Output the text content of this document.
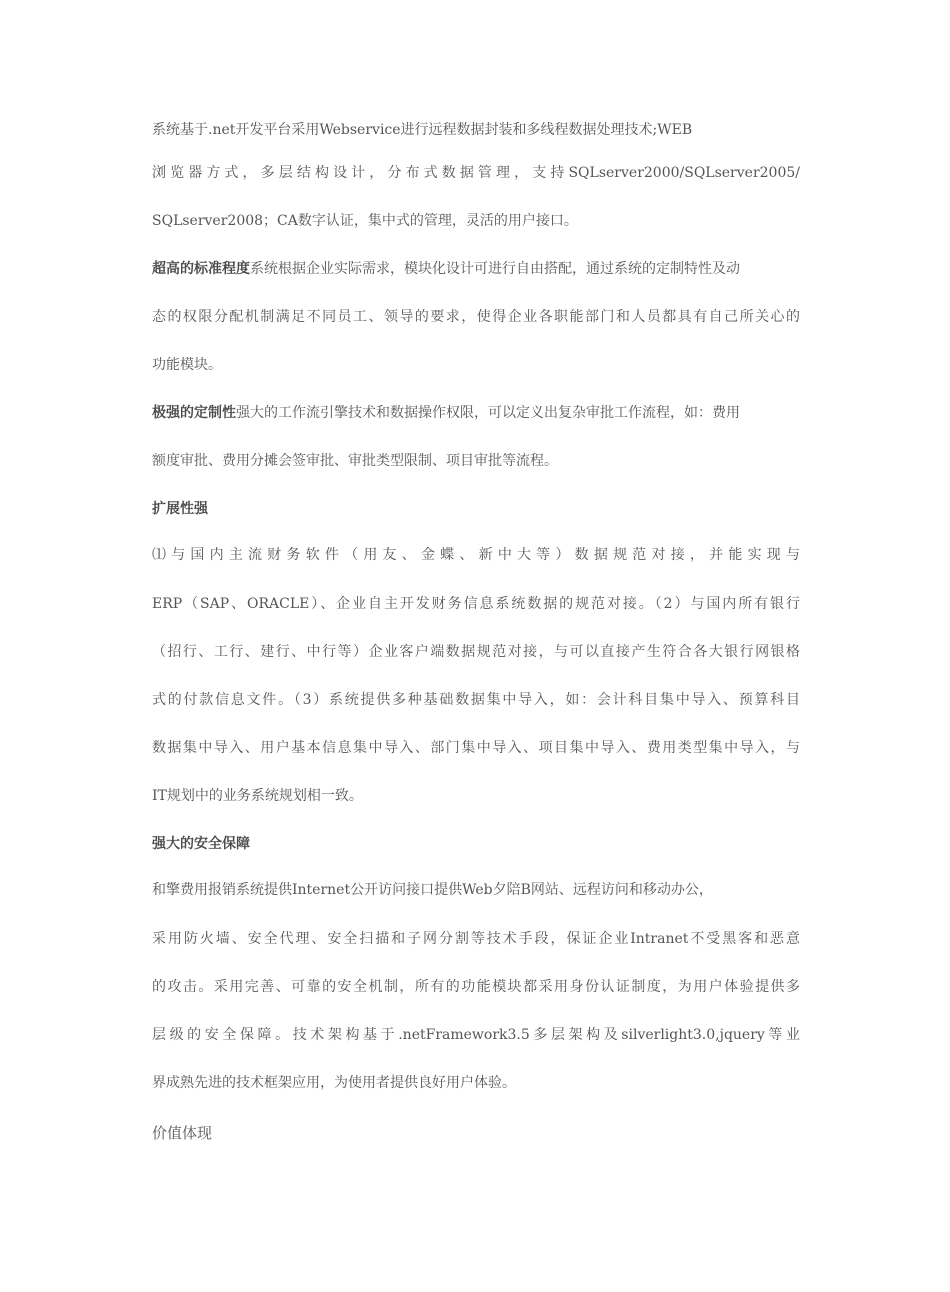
系统基于.net开发平台采用Webservice进行远程数据封装和多线程数据处理技术;WEB
浏览器方式，多层结构设计，分布式数据管理，支持SQLserver2000/SQLserver2005/
SQLserver2008；CA数字认证，集中式的管理，灵活的用户接口。
超高的标准程度系统根据企业实际需求，模块化设计可进行自由搭配，通过系统的定制特性及动
态的权限分配机制满足不同员工、领导的要求，使得企业各职能部门和人员都具有自己所关心的
功能模块。
极强的定制性强大的工作流引擎技术和数据操作权限，可以定义出复杂审批工作流程，如：费用
额度审批、费用分摊会签审批、审批类型限制、项目审批等流程。
扩展性强
⑴ 与 国 内 主 流 财 务 软 件 （ 用 友 、 金 蝶 、 新 中 大 等 ） 数 据 规 范 对 接 ， 并 能 实 现 与
ERP（SAP、ORACLE）、企业自主开发财务信息系统数据的规范对接。（2）与国内所有银行
（招行、工行、建行、中行等）企业客户端数据规范对接，与可以直接产生符合各大银行网银格
式的付款信息文件。（3）系统提供多种基础数据集中导入，如：会计科目集中导入、预算科目
数据集中导入、用户基本信息集中导入、部门集中导入、项目集中导入、费用类型集中导入，与
IT规划中的业务系统规划相一致。
强大的安全保障
和擎费用报销系统提供Internet公开访问接口提供Web夕陪B网站、远程访问和移动办公，
采用防火墙、安全代理、安全扫描和子网分割等技术手段，保证企业Intranet不受黑客和恶意
的攻击。采用完善、可靠的安全机制，所有的功能模块都采用身份认证制度，为用户体验提供多
层级的安全保障。技术架构基于.netFramework3.5多层架构及silverlight3.0,jquery等业
界成熟先进的技术框架应用，为使用者提供良好用户体验。
价值体现
